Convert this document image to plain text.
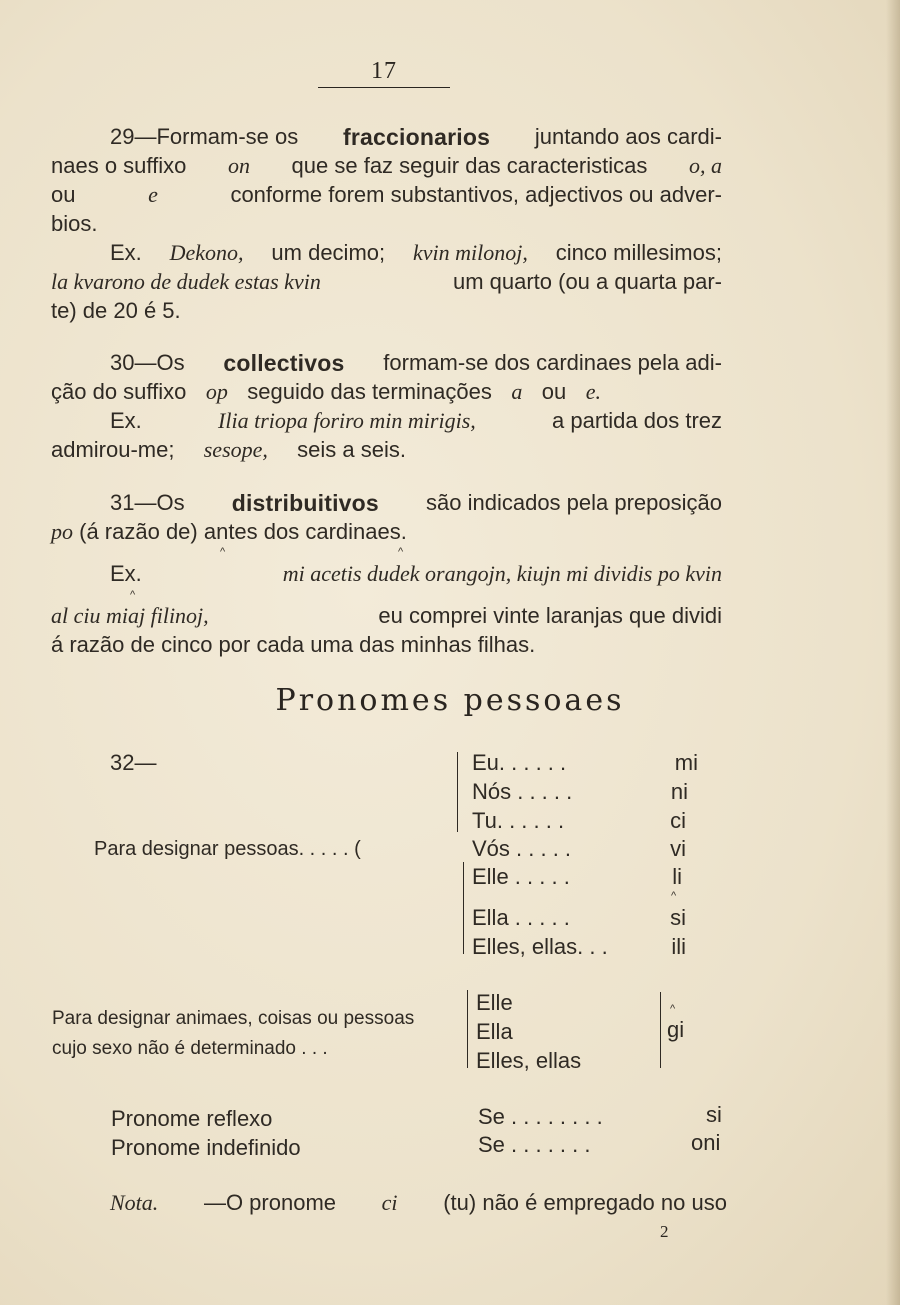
17
29—Formam-se os fraccionarios juntando aos cardi-
naes o suffixo on que se faz seguir das caracteristicas o, a
ou	e	conforme forem substantivos, adjectivos ou adver-
bios.
Ex. Dekono, um decimo; kvin milonoj, cinco millesimos;
la kvarono de dudek estas kvin	um quarto (ou a quarta par-
te) de 20 é 5.
30—Os collectivos formam-se dos cardinaes pela adi-
ção do suffixo op seguido das terminações a ou e.
Ex.	Ilia triopa foriro min mirigis,	a partida dos trez
admirou-me; sesope, seis a seis.
31—Os distribuitivos são indicados pela preposição
po (á razão de) antes dos cardinaes.
^	^
Ex.	mi acetis dudek orangojn, kiujn mi dividis po kvin
^
al ciu miaj filinoj,	eu comprei vinte laranjas que dividi
á razão de cinco por cada uma das minhas filhas.
Pronomes pessoaes
32—
Para designar pessoas. . . . . (
Eu. . . . . .	mi
Nós . . . . .	ni
Tu. . . . . .	ci
Vós . . . . .	vi
Elle . . . . .	li
^
Ella . . . . .	si
Elles, ellas. . .	ili
Para designar animaes, coisas ou pessoas
cujo sexo não é determinado . . .
Elle
Ella
Elles, ellas
^
gi
Pronome reflexo	Se . . . . . . . .	si
Pronome indefinido	Se . . . . . . .	oni
Nota. —O pronome ci (tu) não é empregado no uso
2
